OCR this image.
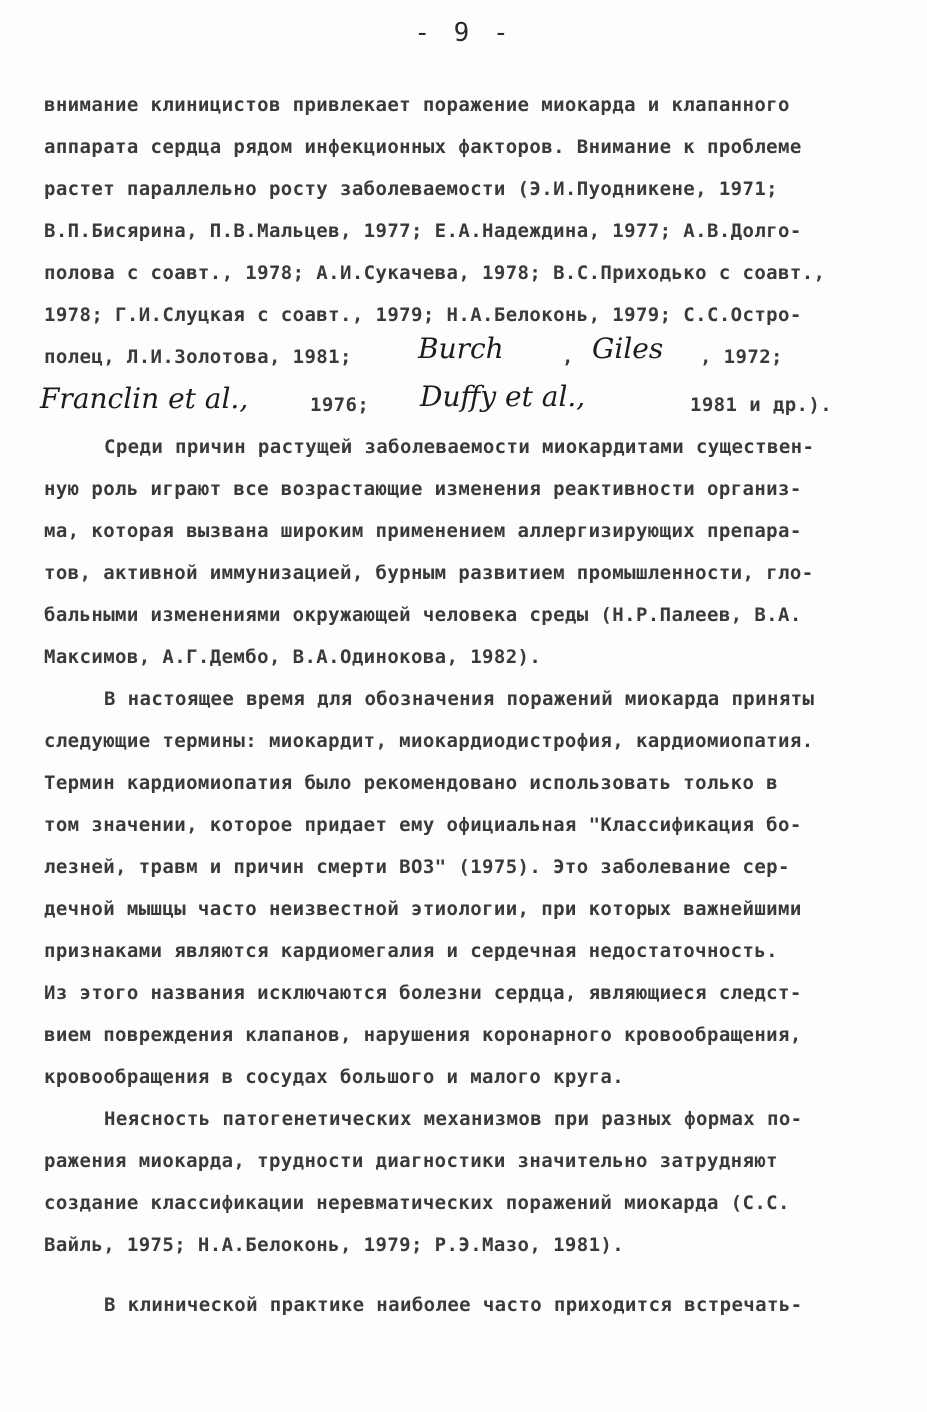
- 9 -
внимание клиницистов привлекает поражение миокарда и клапанного
аппарата сердца рядом инфекционных факторов. Внимание к проблеме
растет параллельно росту заболеваемости (Э.И.Пуодникене, 1971;
В.П.Бисярина, П.В.Мальцев, 1977; Е.А.Надеждина, 1977; А.В.Долго-
полова с соавт., 1978; А.И.Сукачева, 1978; В.С.Приходько с соавт.,
1978; Г.И.Слуцкая с соавт., 1979; Н.А.Белоконь, 1979; С.С.Остро-
полец, Л.И.Золотова, 1981; Burch	, Giles , 1972;
Franclin et al.,	1976; Duffy et al.,	1981 и др.).
Среди причин растущей заболеваемости миокардитами существен-
ную роль играют все возрастающие изменения реактивности организ-
ма, которая вызвана широким применением аллергизирующих препара-
тов, активной иммунизацией, бурным развитием промышленности, гло-
бальными изменениями окружающей человека среды (Н.Р.Палеев, В.А.
Максимов, А.Г.Дембо, В.А.Одинокова, 1982).
В настоящее время для обозначения поражений миокарда приняты
следующие термины: миокардит, миокардиодистрофия, кардиомиопатия.
Термин кардиомиопатия было рекомендовано использовать только в
том значении, которое придает ему официальная "Классификация бо-
лезней, травм и причин смерти ВОЗ" (1975). Это заболевание сер-
дечной мышцы часто неизвестной этиологии, при которых важнейшими
признаками являются кардиомегалия и сердечная недостаточность.
Из этого названия исключаются болезни сердца, являющиеся следст-
вием повреждения клапанов, нарушения коронарного кровообращения,
кровообращения в сосудах большого и малого круга.
Неясность патогенетических механизмов при разных формах по-
ражения миокарда, трудности диагностики значительно затрудняют
создание классификации неревматических поражений миокарда (С.С.
Вайль, 1975; Н.А.Белоконь, 1979; Р.Э.Мазо, 1981).
В клинической практике наиболее часто приходится встречать-
